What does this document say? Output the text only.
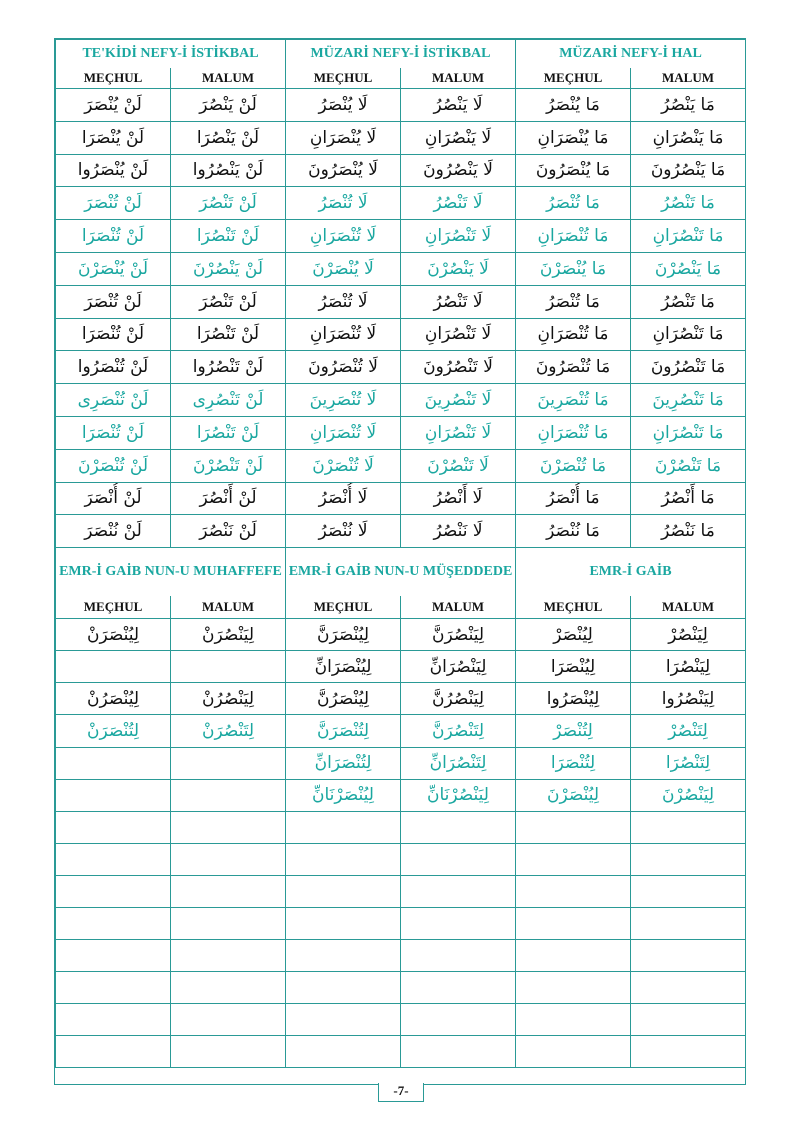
TE'KİDİ NEFY-İ İSTİKBAL		MÜZARİ NEFY-İ İSTİKBAL		MÜZARİ NEFY-İ HAL	
MEÇHUL	MALUM	MEÇHUL	MALUM	MEÇHUL	MALUM
لَنْ يُنْصَرَ	لَنْ يَنْصُرَ	لَا يُنْصَرُ	لَا يَنْصُرُ	مَا يُنْصَرُ	مَا يَنْصُرُ
لَنْ يُنْصَرَا	لَنْ يَنْصُرَا	لَا يُنْصَرَانِ	لَا يَنْصُرَانِ	مَا يُنْصَرَانِ	مَا يَنْصُرَانِ
لَنْ يُنْصَرُوا	لَنْ يَنْصُرُوا	لَا يُنْصَرُونَ	لَا يَنْصُرُونَ	مَا يُنْصَرُونَ	مَا يَنْصُرُونَ
لَنْ تُنْصَرَ	لَنْ تَنْصُرَ	لَا تُنْصَرُ	لَا تَنْصُرُ	مَا تُنْصَرُ	مَا تَنْصُرُ
لَنْ تُنْصَرَا	لَنْ تَنْصُرَا	لَا تُنْصَرَانِ	لَا تَنْصُرَانِ	مَا تُنْصَرَانِ	مَا تَنْصُرَانِ
لَنْ يُنْصَرْنَ	لَنْ يَنْصُرْنَ	لَا يُنْصَرْنَ	لَا يَنْصُرْنَ	مَا يُنْصَرْنَ	مَا يَنْصُرْنَ
لَنْ تُنْصَرَ	لَنْ تَنْصُرَ	لَا تُنْصَرُ	لَا تَنْصُرُ	مَا تُنْصَرُ	مَا تَنْصُرُ
لَنْ تُنْصَرَا	لَنْ تَنْصُرَا	لَا تُنْصَرَانِ	لَا تَنْصُرَانِ	مَا تُنْصَرَانِ	مَا تَنْصُرَانِ
لَنْ تُنْصَرُوا	لَنْ تَنْصُرُوا	لَا تُنْصَرُونَ	لَا تَنْصُرُونَ	مَا تُنْصَرُونَ	مَا تَنْصُرُونَ
لَنْ تُنْصَرِى	لَنْ تَنْصُرِى	لَا تُنْصَرِينَ	لَا تَنْصُرِينَ	مَا تُنْصَرِينَ	مَا تَنْصُرِينَ
لَنْ تُنْصَرَا	لَنْ تَنْصُرَا	لَا تُنْصَرَانِ	لَا تَنْصُرَانِ	مَا تُنْصَرَانِ	مَا تَنْصُرَانِ
لَنْ تُنْصَرْنَ	لَنْ تَنْصُرْنَ	لَا تُنْصَرْنَ	لَا تَنْصُرْنَ	مَا تُنْصَرْنَ	مَا تَنْصُرْنَ
لَنْ أُنْصَرَ	لَنْ أَنْصُرَ	لَا أُنْصَرُ	لَا أَنْصُرُ	مَا أُنْصَرُ	مَا أَنْصُرُ
لَنْ نُنْصَرَ	لَنْ نَنْصُرَ	لَا نُنْصَرُ	لَا نَنْصُرُ	مَا نُنْصَرُ	مَا نَنْصُرُ
EMR-İ GAİB NUN-U MUHAFFEFE		EMR-İ GAİB NUN-U MÜŞEDDEDE		EMR-İ GAİB	
MEÇHUL	MALUM	MEÇHUL	MALUM	MEÇHUL	MALUM
لِيُنْصَرَنْ	لِيَنْصُرَنْ	لِيُنْصَرَنَّ	لِيَنْصُرَنَّ	لِيُنْصَرْ	لِيَنْصُرْ
		لِيُنْصَرَانِّ	لِيَنْصُرَانِّ	لِيُنْصَرَا	لِيَنْصُرَا
لِيُنْصَرُنْ	لِيَنْصُرُنْ	لِيُنْصَرُنَّ	لِيَنْصُرُنَّ	لِيُنْصَرُوا	لِيَنْصُرُوا
لِتُنْصَرَنْ	لِتَنْصُرَنْ	لِتُنْصَرَنَّ	لِتَنْصُرَنَّ	لِتُنْصَرْ	لِتَنْصُرْ
		لِتُنْصَرَانِّ	لِتَنْصُرَانِّ	لِتُنْصَرَا	لِتَنْصُرَا
		لِيُنْصَرْنَانِّ	لِيَنْصُرْنَانِّ	لِيُنْصَرْنَ	لِيَنْصُرْنَ

-7-
